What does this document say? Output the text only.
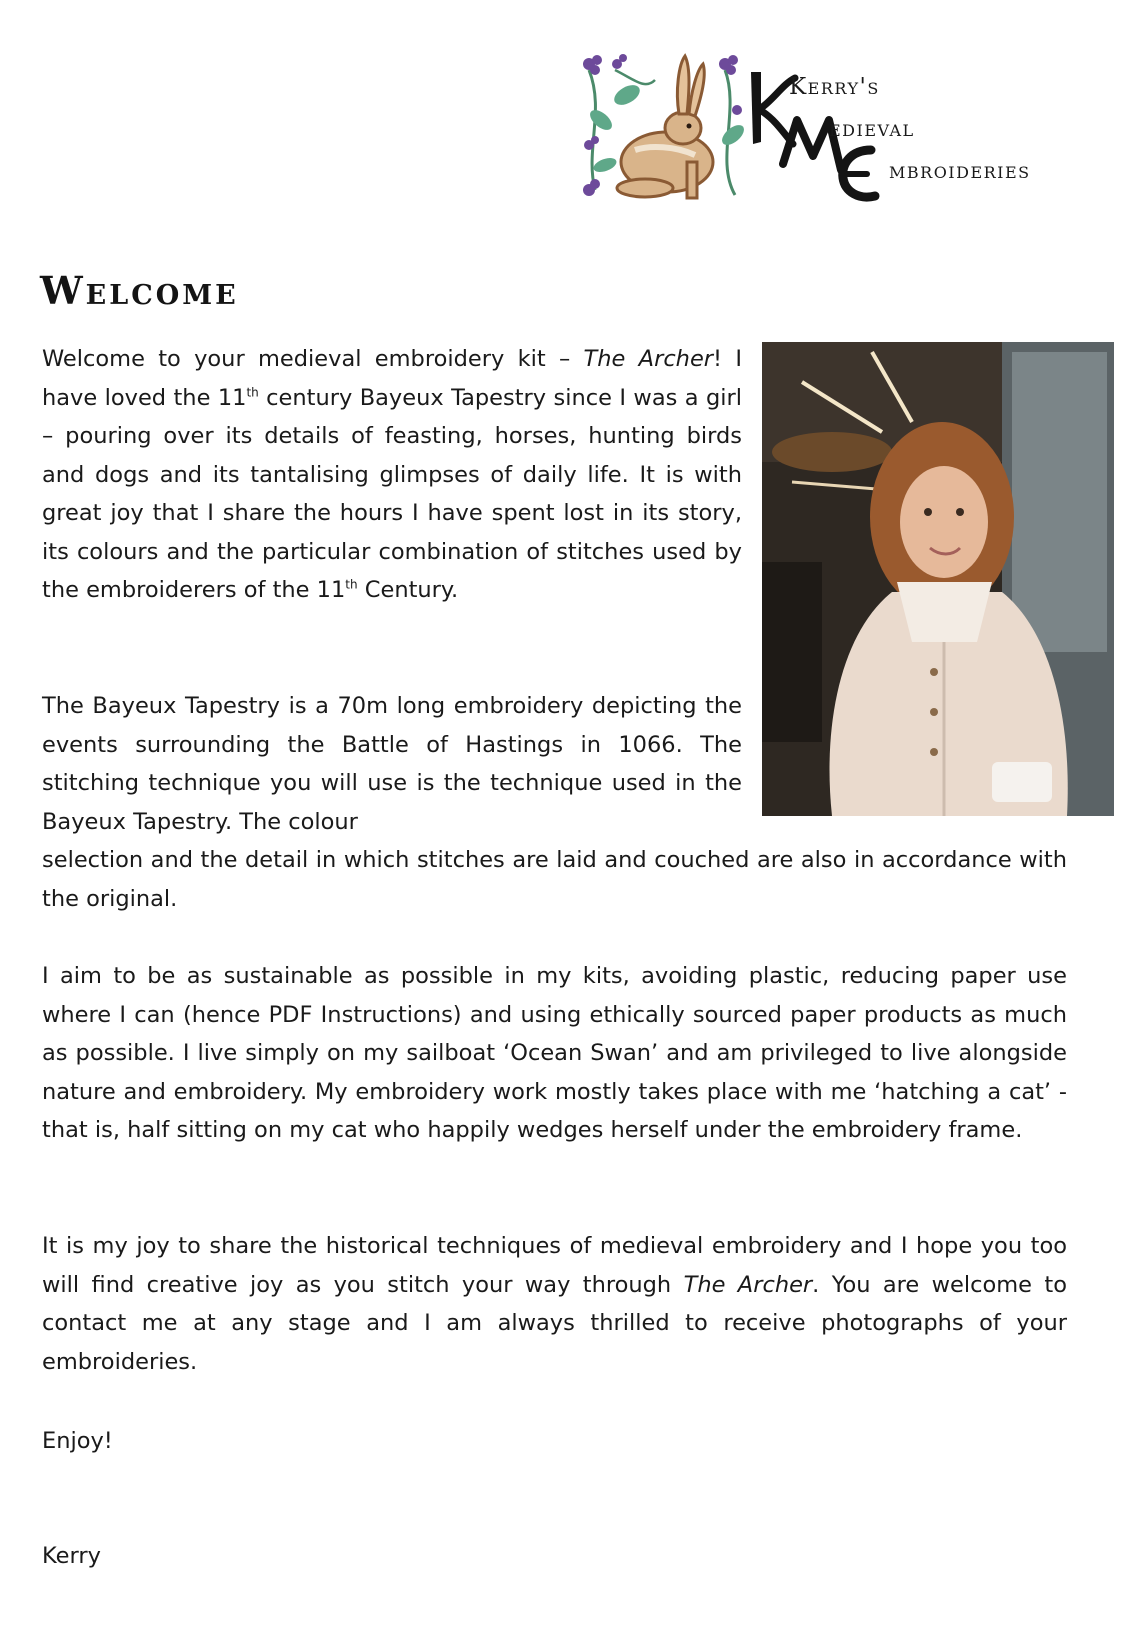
Kerry's
edieval
mbroideries
Welcome

Welcome to your medieval embroidery kit – The Archer! I have loved the 11th century Bayeux Tapestry since I was a girl – pouring over its details of feasting, horses, hunting birds and dogs and its tantalising glimpses of daily life. It is with great joy that I share the hours I have spent lost in its story, its colours and the particular combination of stitches used by the embroiderers of the 11th Century.

The Bayeux Tapestry is a 70m long embroidery depicting the events surrounding the Battle of Hastings in 1066. The stitching technique you will use is the technique used in the Bayeux Tapestry. The colour
selection and the detail in which stitches are laid and couched are also in accordance with the original.

I aim to be as sustainable as possible in my kits, avoiding plastic, reducing paper use where I can (hence PDF Instructions) and using ethically sourced paper products as much as possible. I live simply on my sailboat ‘Ocean Swan’ and am privileged to live alongside nature and embroidery. My embroidery work mostly takes place with me ‘hatching a cat’ - that is, half sitting on my cat who happily wedges herself under the embroidery frame.

It is my joy to share the historical techniques of medieval embroidery and I hope you too will find creative joy as you stitch your way through The Archer. You are welcome to contact me at any stage and I am always thrilled to receive photographs of your embroideries.

Enjoy!

Kerry
